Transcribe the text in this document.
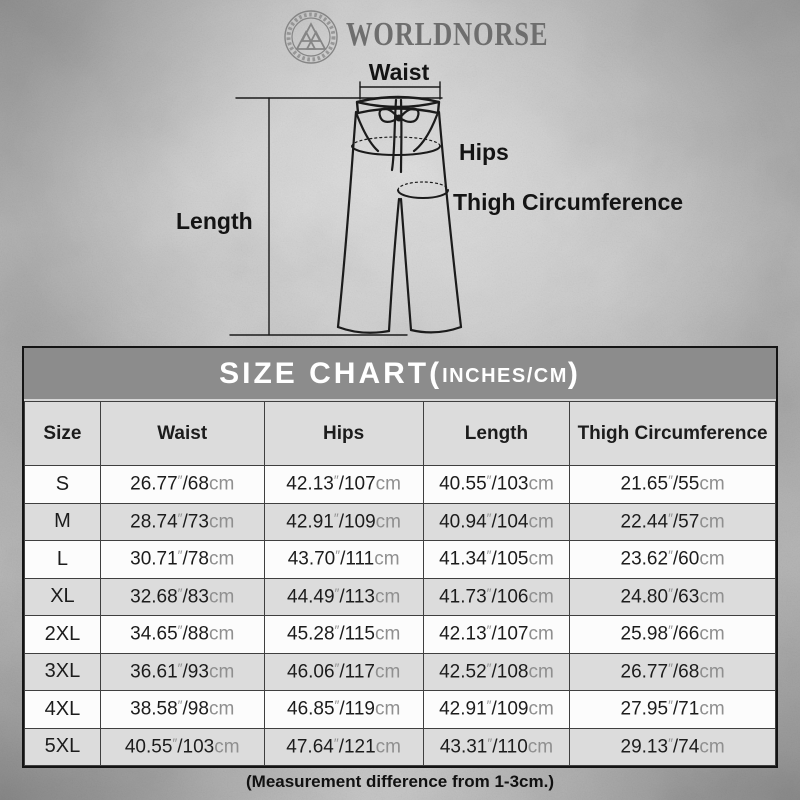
WORLDNORSE
Waist
Hips
Thigh Circumference
Length
SIZE CHART( INCHES/CM )
Size	Waist	Hips	Length	Thigh Circumference
S	26.77″/68cm	42.13″/107cm	40.55″/103cm	21.65″/55cm
M	28.74″/73cm	42.91″/109cm	40.94″/104cm	22.44″/57cm
L	30.71″/78cm	43.70″/111cm	41.34″/105cm	23.62″/60cm
XL	32.68″/83cm	44.49″/113cm	41.73″/106cm	24.80″/63cm
2XL	34.65″/88cm	45.28″/115cm	42.13″/107cm	25.98″/66cm
3XL	36.61″/93cm	46.06″/117cm	42.52″/108cm	26.77″/68cm
4XL	38.58″/98cm	46.85″/119cm	42.91″/109cm	27.95″/71cm
5XL	40.55″/103cm	47.64″/121cm	43.31″/110cm	29.13″/74cm
(Measurement difference from 1-3cm.)
